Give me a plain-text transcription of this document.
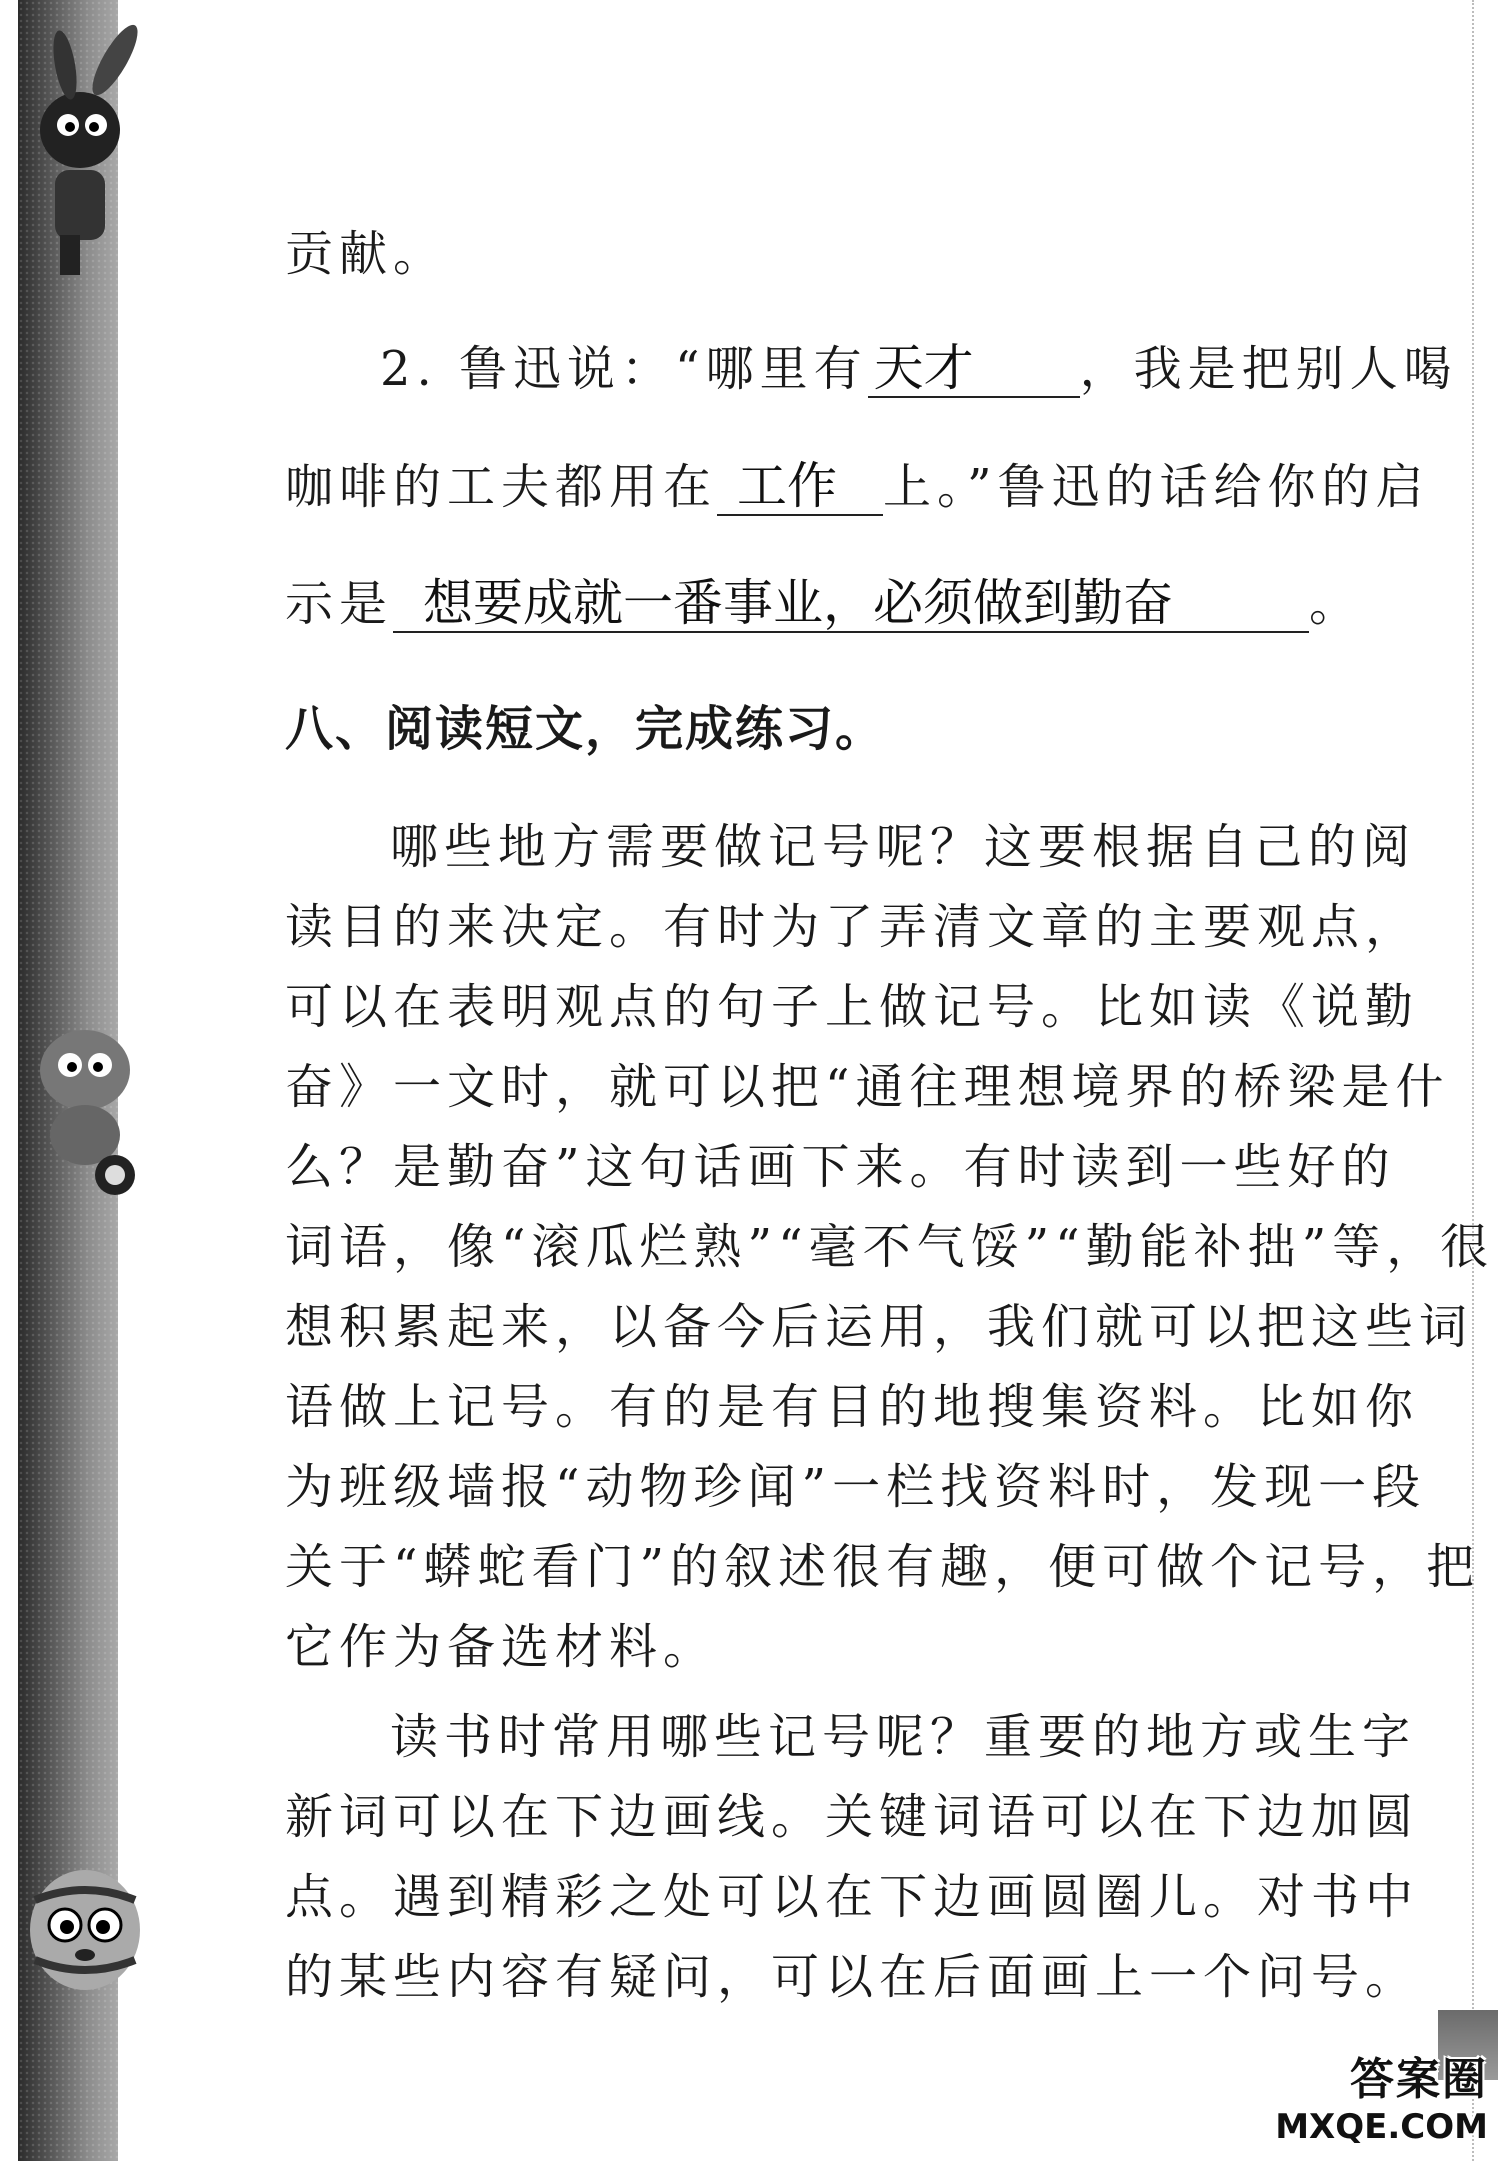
答案圈
MXQE.COM
贡献。
2. 鲁迅说：“哪里有 天才 ，我是把别人喝
咖啡的工夫都用在 工作 上。”鲁迅的话给你的启
示是 想要成就一番事业，必须做到勤奋	。
八、阅读短文，完成练习。
哪些地方需要做记号呢？这要根据自己的阅
读目的来决定。有时为了弄清文章的主要观点，
可以在表明观点的句子上做记号。比如读《说勤
奋》一文时，就可以把“通往理想境界的桥梁是什
么？是勤奋”这句话画下来。有时读到一些好的
词语，像“滚瓜烂熟”“毫不气馁”“勤能补拙”等，很
想积累起来，以备今后运用，我们就可以把这些词
语做上记号。有的是有目的地搜集资料。比如你
为班级墙报“动物珍闻”一栏找资料时，发现一段
关于“蟒蛇看门”的叙述很有趣，便可做个记号，把
它作为备选材料。
读书时常用哪些记号呢？重要的地方或生字
新词可以在下边画线。关键词语可以在下边加圆
点。遇到精彩之处可以在下边画圆圈儿。对书中
的某些内容有疑问，可以在后面画上一个问号。
